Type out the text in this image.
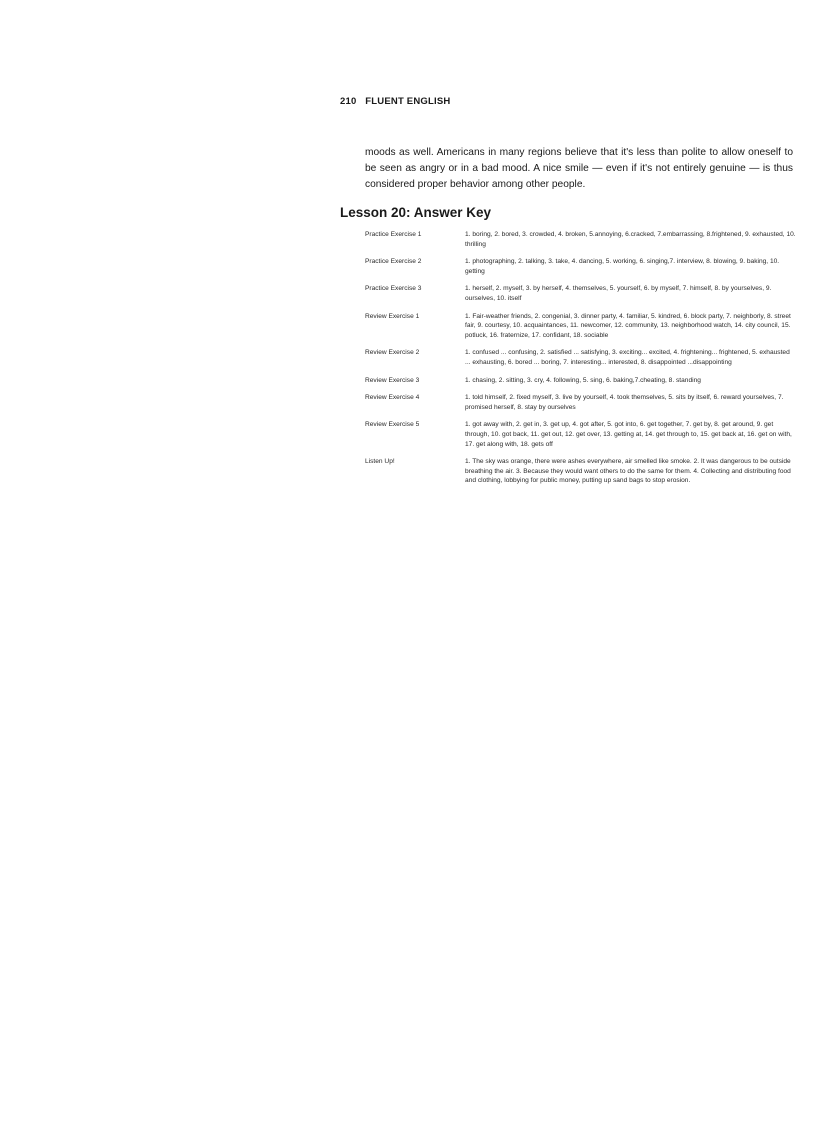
210 FLUENT ENGLISH

moods as well. Americans in many regions believe that it's less than polite to allow oneself to be seen as angry or in a bad mood. A nice smile — even if it's not entirely genuine — is thus considered proper behavior among other people.

Lesson 20: Answer Key
Practice Exercise 1	1. boring, 2. bored, 3. crowded, 4. broken, 5.annoying, 6.cracked, 7.embarrassing, 8.frightened, 9. exhausted, 10. thrilling
Practice Exercise 2	1. photographing, 2. talking, 3. take, 4. dancing, 5. working, 6. singing,7. interview, 8. blowing, 9. baking, 10. getting
Practice Exercise 3	1. herself, 2. myself, 3. by herself, 4. themselves, 5. yourself, 6. by myself, 7. himself, 8. by yourselves, 9. ourselves, 10. itself
Review Exercise 1	1. Fair-weather friends, 2. congenial, 3. dinner party, 4. familiar, 5. kindred, 6. block party, 7. neighborly, 8. street fair, 9. courtesy, 10. acquaintances, 11. newcomer, 12. community, 13. neighborhood watch, 14. city council, 15. potluck, 16. fraternize, 17. confidant, 18. sociable
Review Exercise 2	1. confused ... confusing, 2. satisfied ... satisfying, 3. exciting... excited, 4. frightening... frightened, 5. exhausted ... exhausting, 6. bored ... boring, 7. interesting... interested, 8. disappointed ...disappointing
Review Exercise 3	1. chasing, 2. sitting, 3. cry, 4. following, 5. sing, 6. baking,7.cheating, 8. standing
Review Exercise 4	1. told himself, 2. fixed myself, 3. live by yourself, 4. took themselves, 5. sits by itself, 6. reward yourselves, 7. promised herself, 8. stay by ourselves
Review Exercise 5	1. got away with, 2. get in, 3. get up, 4. got after, 5. got into, 6. get together, 7. get by, 8. get around, 9. get through, 10. got back, 11. get out, 12. get over, 13. getting at, 14. get through to, 15. get back at, 16. get on with, 17. get along with, 18. gets off
Listen Up!	1. The sky was orange, there were ashes everywhere, air smelled like smoke. 2. It was dangerous to be outside breathing the air. 3. Because they would want others to do the same for them. 4. Collecting and distributing food and clothing, lobbying for public money, putting up sand bags to stop erosion.
